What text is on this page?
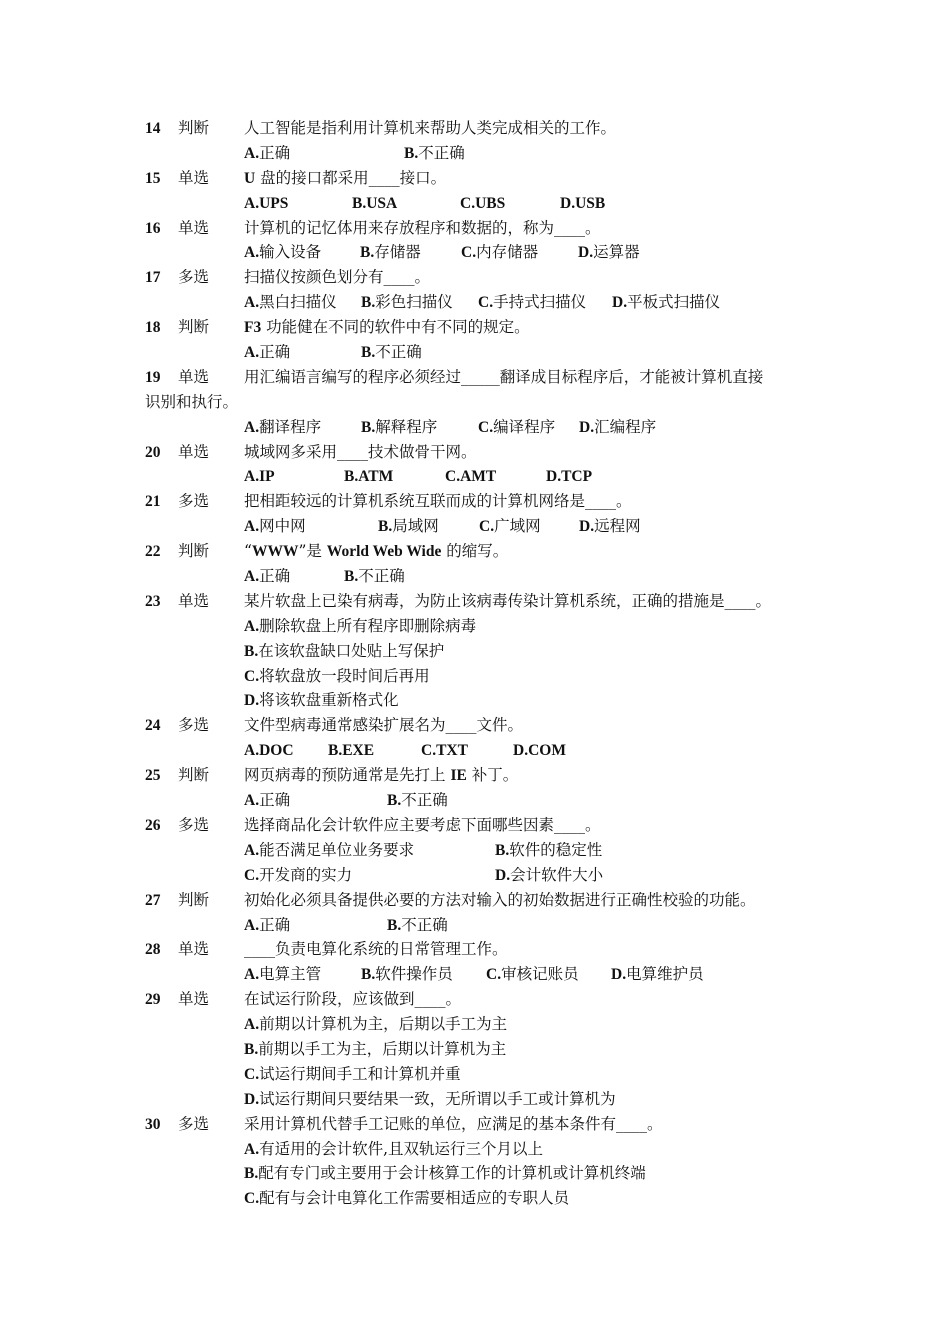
14	判断	人工智能是指利用计算机来帮助人类完成相关的工作。
A.正确	B.不正确
15	单选	U 盘的接口都采用____接口。
A.UPS	B.USA	C.UBS	D.USB
16	单选	计算机的记忆体用来存放程序和数据的，称为____。
A.输入设备	B.存储器	C.内存储器	D.运算器
17	多选	扫描仪按颜色划分有____。
A.黑白扫描仪	B.彩色扫描仪	C.手持式扫描仪	D.平板式扫描仪
18	判断	F3 功能健在不同的软件中有不同的规定。
A.正确	B.不正确
19	单选	用汇编语言编写的程序必须经过_____翻译成目标程序后，才能被计算机直接
识别和执行。
A.翻译程序	B.解释程序	C.编译程序	D.汇编程序
20	单选	城域网多采用____技术做骨干网。
A.IP	B.ATM	C.AMT	D.TCP
21	多选	把相距较远的计算机系统互联而成的计算机网络是____。
A.网中网	B.局域网	C.广域网	D.远程网
22	判断	“WWW”是 World Web Wide 的缩写。
A.正确	B.不正确
23	单选	某片软盘上已染有病毒，为防止该病毒传染计算机系统，正确的措施是____。
A.删除软盘上所有程序即删除病毒
B.在该软盘缺口处贴上写保护
C.将软盘放一段时间后再用
D.将该软盘重新格式化
24	多选	文件型病毒通常感染扩展名为____文件。
A.DOC	B.EXE	C.TXT	D.COM
25	判断	网页病毒的预防通常是先打上 IE 补丁。
A.正确	B.不正确
26	多选	选择商品化会计软件应主要考虑下面哪些因素____。
A.能否满足单位业务要求	B.软件的稳定性
C.开发商的实力	D.会计软件大小
27	判断	初始化必须具备提供必要的方法对输入的初始数据进行正确性校验的功能。
A.正确	B.不正确
28	单选	____负责电算化系统的日常管理工作。
A.电算主管	B.软件操作员	C.审核记账员	D.电算维护员
29	单选	在试运行阶段，应该做到____。
A.前期以计算机为主，后期以手工为主
B.前期以手工为主，后期以计算机为主
C.试运行期间手工和计算机并重
D.试运行期间只要结果一致，无所谓以手工或计算机为
30	多选	采用计算机代替手工记账的单位，应满足的基本条件有____。
A.有适用的会计软件,且双轨运行三个月以上
B.配有专门或主要用于会计核算工作的计算机或计算机终端
C.配有与会计电算化工作需要相适应的专职人员
